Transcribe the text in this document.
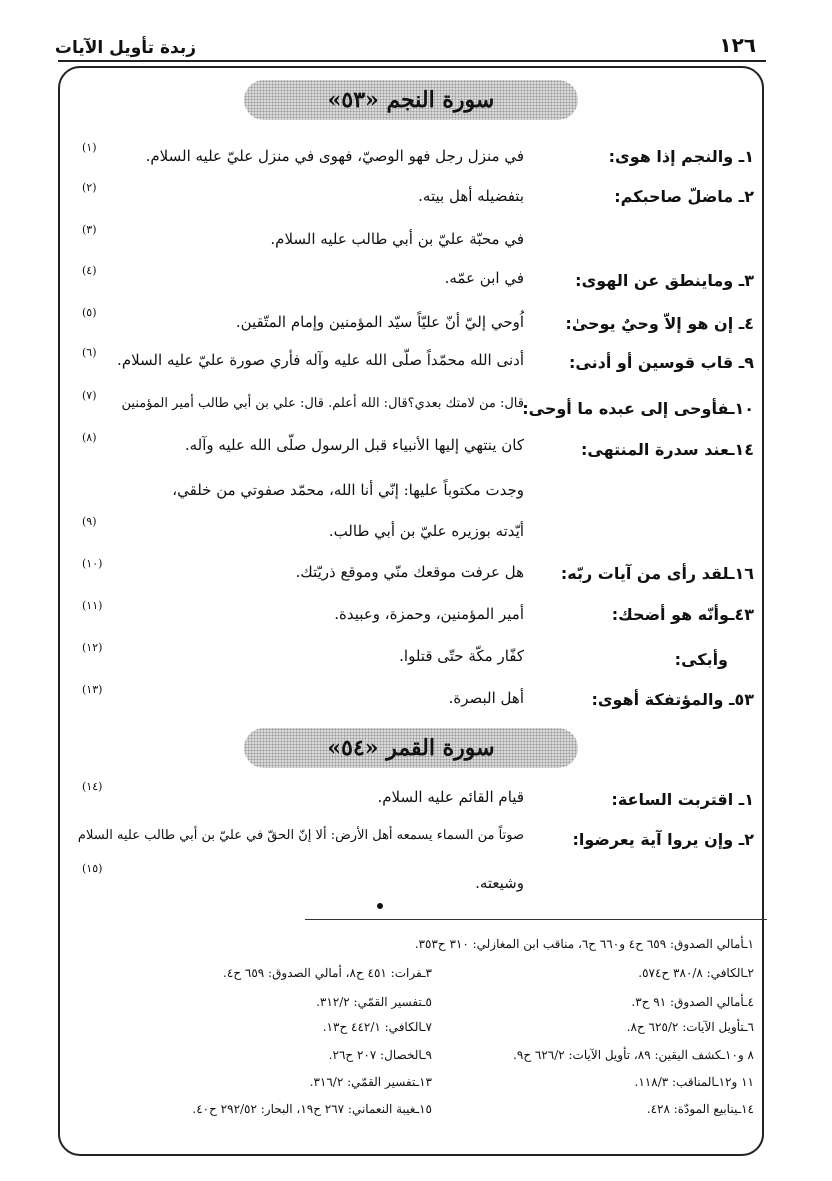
زبدة تأويل الآيات	١٢٦
سورة النجم «٥٣»
سورة القمر «٥٤»
١ـ والنجم إذا هوى:
في منزل رجل فهو الوصيّ، فهوى في منزل عليّ عليه السلام.
(١)
٢ـ ماضلّ صاحبكم:
بتفضيله أهل بيته.
(٢)
في محبّة عليّ بن أبي طالب عليه السلام.
(٣)
٣ـ وماينطق عن الهوى:
في ابن عمّه.
(٤)
٤ـ إن هو إلاّ وحيٌ يوحىٰ:
اُوحي إليّ أنّ عليّاً سيّد المؤمنين وإمام المتّقين.
(٥)
٩ـ قاب قوسين أو أدنى:
أدنى الله محمّداً صلّى الله عليه وآله فأري صورة عليّ عليه السلام.
(٦)
١٠ـفأوحى إلى عبده ما أوحى:
قال: من لامتك بعدي؟قال: الله أعلم. قال: علي بن أبي طالب أمير المؤمنين
(٧)
١٤ـعند سدرة المنتهى:
كان ينتهي إليها الأنبياء قبل الرسول صلّى الله عليه وآله.
(٨)
وجدت مكتوباً عليها: إنّي أنا الله، محمّد صفوتي من خلقي،
أيّدته بوزيره عليّ بن أبي طالب.
(٩)
١٦ـلقد رأى من آيات ربّه:
هل عرفت موقعك منّي وموقع ذريّتك.
(١٠)
٤٣ـوأنّه هو أضحك:
أمير المؤمنين، وحمزة، وعبيدة.
(١١)
وأبكى:
كفّار مكّة حتّى قتلوا.
(١٢)
٥٣ـ والمؤتفكة أهوى:
أهل البصرة.
(١٣)
١ـ اقتربت الساعة:
قيام القائم عليه السلام.
(١٤)
٢ـ وإن يروا آية يعرضوا:
صوتاً من السماء يسمعه أهل الأرض: ألا إنّ الحقّ في عليّ بن أبي طالب عليه السلام
وشيعته.
(١٥)
١ـأمالي الصدوق: ٦٥٩ ح٤ و٦٦٠ ح٦، مناقب ابن المغازلي: ٣١٠ ح٣٥٣.
٢ـالكافي: ٣٨٠/٨ ح٥٧٤.
٣ـفرات: ٤٥١ ح٨، أمالي الصدوق: ٦٥٩ ح٤.
٤ـأمالي الصدوق: ٩١ ح٣.
٥ـتفسير القمّي: ٣١٢/٢.
٦ـتأويل الآيات: ٦٢٥/٢ ح٨.
٧ـالكافي: ٤٤٢/١ ح١٣.
٨ و١٠ـكشف اليقين: ٨٩، تأويل الآيات: ٦٢٦/٢ ح٩.
٩ـالخصال: ٢٠٧ ح٢٦.
١١ و١٢ـالمناقب: ١١٨/٣.
١٣ـتفسير القمّي: ٣١٦/٢.
١٤ـينابيع المودّة: ٤٢٨.
١٥ـغيبة النعماني: ٢٦٧ ح١٩، البحار: ٢٩٢/٥٢ ح٤٠.
